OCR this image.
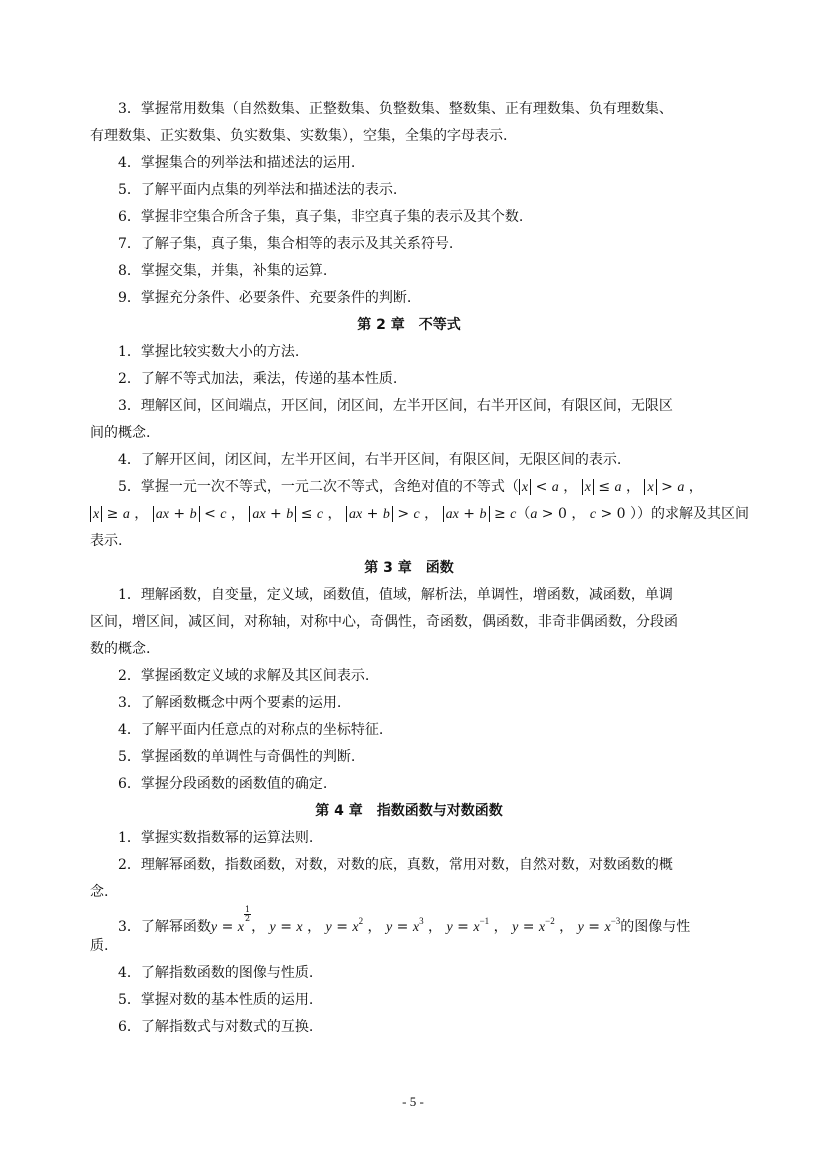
3．掌握常用数集（自然数集、正整数集、负整数集、整数集、正有理数集、负有理数集、

有理数集、正实数集、负实数集、实数集），空集，全集的字母表示.

4．掌握集合的列举法和描述法的运用.

5．了解平面内点集的列举法和描述法的表示.

6．掌握非空集合所含子集，真子集，非空真子集的表示及其个数.

7．了解子集，真子集，集合相等的表示及其关系符号.

8．掌握交集，并集，补集的运算.

9．掌握充分条件、必要条件、充要条件的判断.

第 2 章 不等式

1．掌握比较实数大小的方法.

2．了解不等式加法，乘法，传递的基本性质.

3．理解区间，区间端点，开区间，闭区间，左半开区间，右半开区间，有限区间，无限区

间的概念.

4．了解开区间，闭区间，左半开区间，右半开区间，有限区间，无限区间的表示.

5．掌握一元一次不等式，一元二次不等式，含绝对值的不等式（ x < a ， x ≤ a ， x > a ，

x ≥ a ， ax + b < c ， ax + b ≤ c ， ax + b > c ， ax + b ≥ c（a > 0 ， c > 0 ））的求解及其区间

表示.

第 3 章 函数

1．理解函数，自变量，定义域，函数值，值域，解析法，单调性，增函数，减函数，单调

区间，增区间，减区间，对称轴，对称中心，奇偶性，奇函数，偶函数，非奇非偶函数，分段函

数的概念.

2．掌握函数定义域的求解及其区间表示.

3．了解函数概念中两个要素的运用.

4．了解平面内任意点的对称点的坐标特征.

5．掌握函数的单调性与奇偶性的判断.

6．掌握分段函数的函数值的确定.

第 4 章 指数函数与对数函数

1．掌握实数指数幂的运算法则.

2．理解幂函数，指数函数，对数，对数的底，真数，常用对数，自然对数，对数函数的概

念.

3．了解幂函数y = x
$\frac{1}{2}$
， y = x ， $y = x^2$ ， $y = x^3$ ， $y = x^{-1}$ ， $y = x^{-2}$ ， $y = x^{-3}$的图像与性

质.

4．了解指数函数的图像与性质.

5．掌握对数的基本性质的运用.

6．了解指数式与对数式的互换.

- 5 -
